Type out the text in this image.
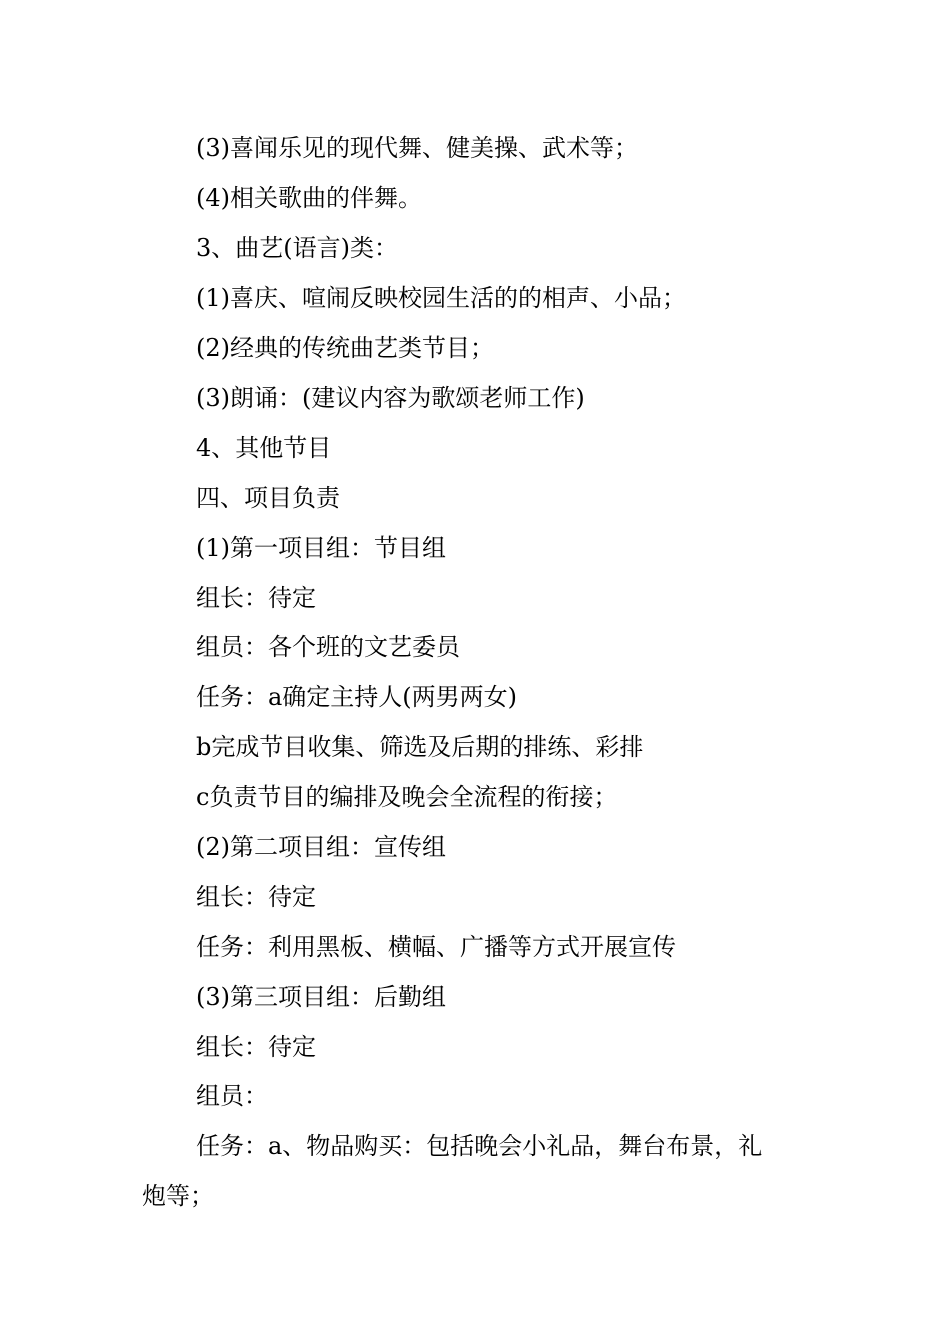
(3)喜闻乐见的现代舞、健美操、武术等；
(4)相关歌曲的伴舞。
3、曲艺(语言)类：
(1)喜庆、喧闹反映校园生活的的相声、小品；
(2)经典的传统曲艺类节目；
(3)朗诵：(建议内容为歌颂老师工作)
4、其他节目
四、项目负责
(1)第一项目组：节目组
组长：待定
组员：各个班的文艺委员
任务：a确定主持人(两男两女)
b完成节目收集、筛选及后期的排练、彩排
c负责节目的编排及晚会全流程的衔接；
(2)第二项目组：宣传组
组长：待定
任务：利用黑板、横幅、广播等方式开展宣传
(3)第三项目组：后勤组
组长：待定
组员：
任务：a、物品购买：包括晚会小礼品，舞台布景，礼
炮等；
